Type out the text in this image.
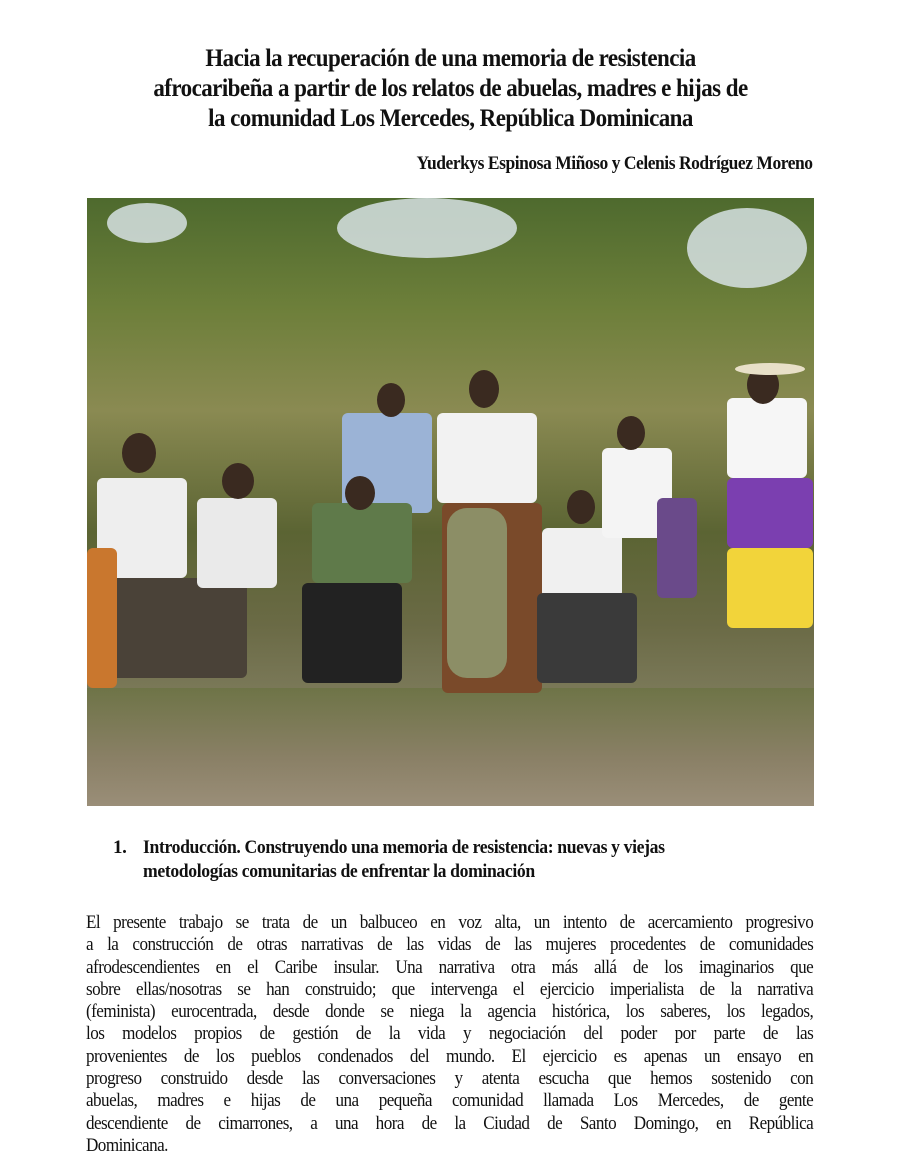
Hacia la recuperación de una memoria de resistencia
afrocaribeña a partir de los relatos de abuelas, madres e hijas de
la comunidad Los Mercedes, República Dominicana
Yuderkys Espinosa Miñoso y Celenis Rodríguez Moreno
1. Introducción. Construyendo una memoria de resistencia: nuevas y viejas
metodologías comunitarias de enfrentar la dominación
El presente trabajo se trata de un balbuceo en voz alta, un intento de acercamiento progresivo
a la construcción de otras narrativas de las vidas de las mujeres procedentes de comunidades
afrodescendientes en el Caribe insular. Una narrativa otra más allá de los imaginarios que
sobre ellas/nosotras se han construido; que intervenga el ejercicio imperialista de la narrativa
(feminista) eurocentrada, desde donde se niega la agencia histórica, los saberes, los legados,
los modelos propios de gestión de la vida y negociación del poder por parte de las
provenientes de los pueblos condenados del mundo. El ejercicio es apenas un ensayo en
progreso construido desde las conversaciones y atenta escucha que hemos sostenido con
abuelas, madres e hijas de una pequeña comunidad llamada Los Mercedes, de gente
descendiente de cimarrones, a una hora de la Ciudad de Santo Domingo, en República
Dominicana.
